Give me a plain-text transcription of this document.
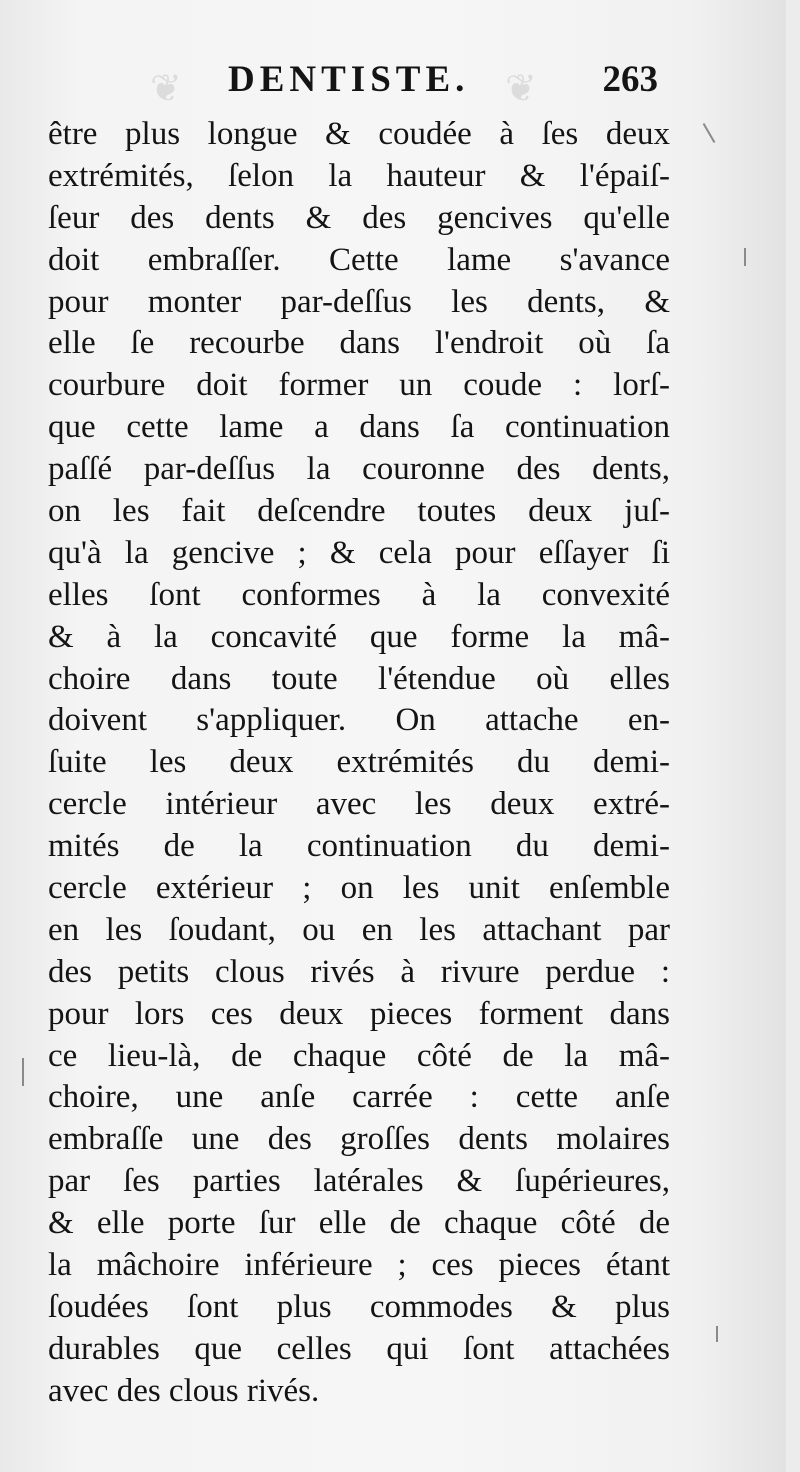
❦	❦
DENTISTE.	263
être plus longue & coudée à ſes deux
extrémités, ſelon la hauteur & l'épaiſ-
ſeur des dents & des gencives qu'elle
doit embraſſer. Cette lame s'avance
pour monter par-deſſus les dents, &
elle ſe recourbe dans l'endroit où ſa
courbure doit former un coude : lorſ-
que cette lame a dans ſa continuation
paſſé par-deſſus la couronne des dents,
on les fait deſcendre toutes deux juſ-
qu'à la gencive ; & cela pour eſſayer ſi
elles ſont conformes à la convexité
& à la concavité que forme la mâ-
choire dans toute l'étendue où elles
doivent s'appliquer. On attache en-
ſuite les deux extrémités du demi-
cercle intérieur avec les deux extré-
mités de la continuation du demi-
cercle extérieur ; on les unit enſemble
en les ſoudant, ou en les attachant par
des petits clous rivés à rivure perdue :
pour lors ces deux pieces forment dans
ce lieu-là, de chaque côté de la mâ-
choire, une anſe carrée : cette anſe
embraſſe une des groſſes dents molaires
par ſes parties latérales & ſupérieures,
& elle porte ſur elle de chaque côté de
la mâchoire inférieure ; ces pieces étant
ſoudées ſont plus commodes & plus
durables que celles qui ſont attachées
avec des clous rivés.
